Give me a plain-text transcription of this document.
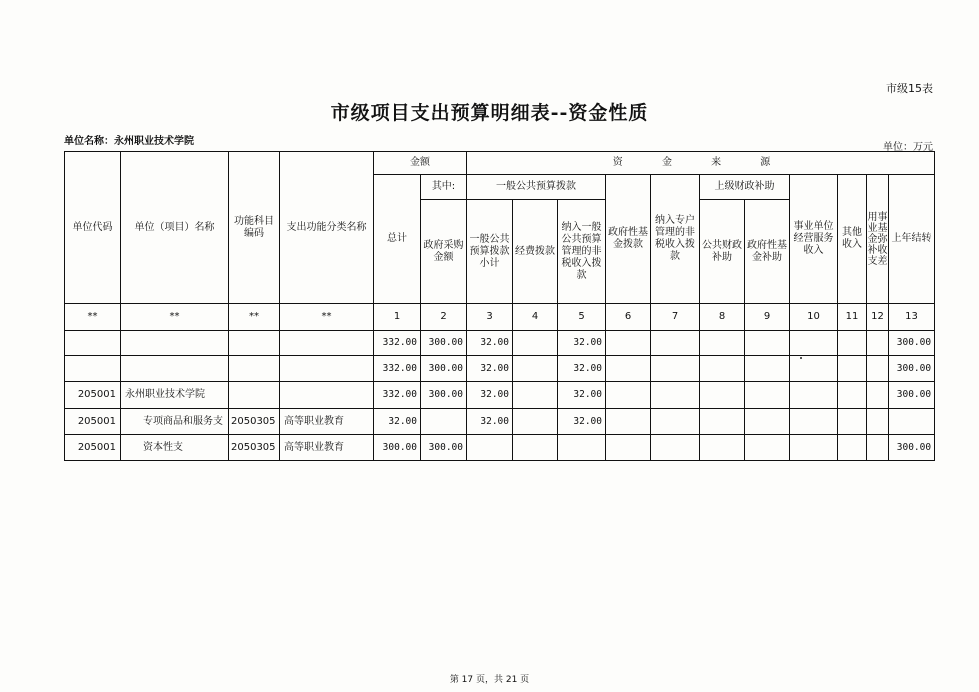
市级15表
市级项目支出预算明细表--资金性质
单位名称：永州职业技术学院
单位：万元
单位代码	单位（项目）名称	功能科目编码	支出功能分类名称	金额		资 金 来 源										
				总计	其中:	一般公共预算拨款			政府性基金拨款	纳入专户管理的非税收入拨款	上级财政补助		事业单位经营服务收入	其他收入	用事业基金弥补收支差	上年结转
					政府采购金额	一般公共预算拨款小计	经费拨款	纳入一般公共预算管理的非税收入拨款			公共财政补助	政府性基金补助				
**	**	**	**	1	2	3	4	5	6	7	8	9	10	11	12	13
				332.00	300.00	32.00		32.00								300.00
				332.00	300.00	32.00		32.00								300.00
205001	永州职业技术学院			332.00	300.00	32.00		32.00								300.00
205001	专项商品和服务支	2050305	高等职业教育	32.00		32.00		32.00								
205001	资本性支	2050305	高等职业教育	300.00	300.00											300.00
第 17 页，共 21 页
